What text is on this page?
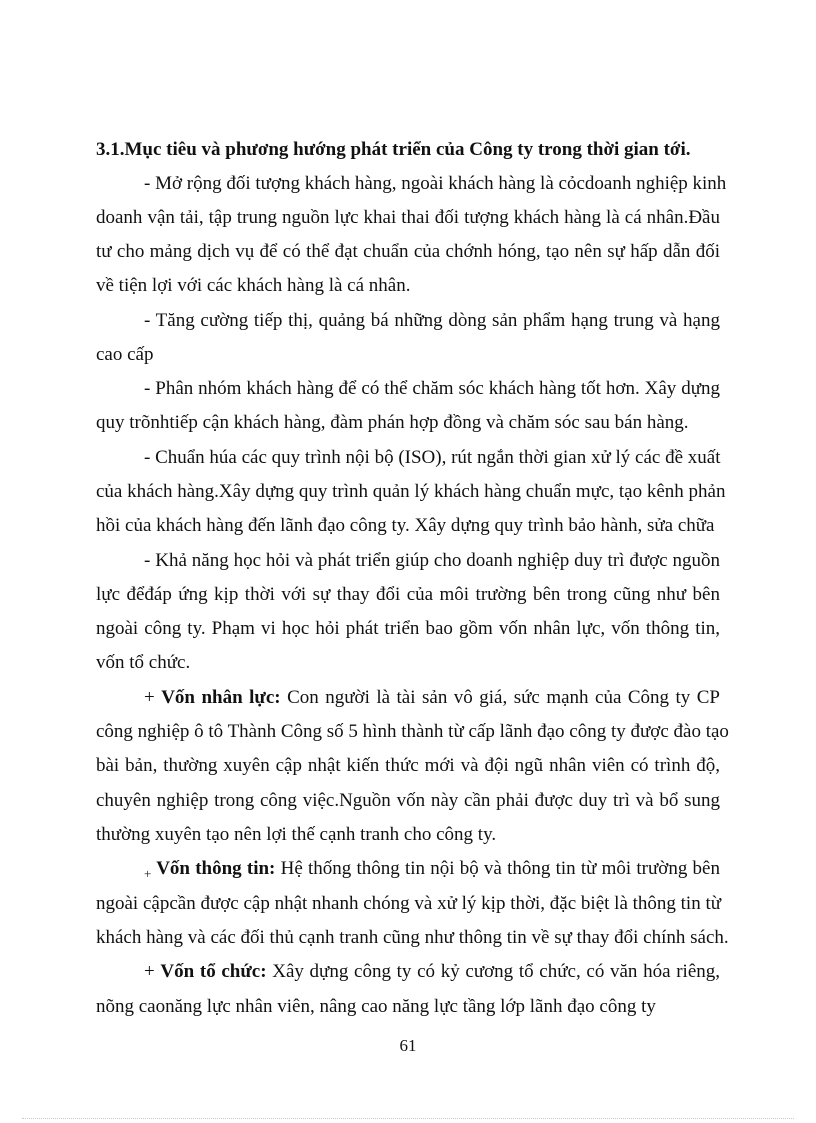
3.1.Mục tiêu và phương hướng phát triển của Công ty trong thời gian tới.
- Mở rộng đối tượng khách hàng, ngoài khách hàng là cỏcdoanh nghiệp kinh
doanh vận tải, tập trung nguồn lực khai thai đối tượng khách hàng là cá nhân.Đầu
tư cho mảng dịch vụ để có thể đạt chuẩn của chớnh hóng, tạo nên sự hấp dẫn đối
về tiện lợi với các khách hàng là cá nhân.
- Tăng cường tiếp thị, quảng bá những dòng sản phẩm hạng trung và hạng
cao cấp
- Phân nhóm khách hàng để có thể chăm sóc khách hàng tốt hơn. Xây dựng
quy trõnhtiếp cận khách hàng, đàm phán hợp đồng và chăm sóc sau bán hàng.
- Chuẩn húa các quy trình nội bộ (ISO), rút ngắn thời gian xử lý các đề xuất
của khách hàng.Xây dựng quy trình quản lý khách hàng chuẩn mực, tạo kênh phản
hồi của khách hàng đến lãnh đạo công ty. Xây dựng quy trình bảo hành, sửa chữa
- Khả năng học hỏi và phát triển giúp cho doanh nghiệp duy trì được nguồn
lực đểđáp ứng kịp thời với sự thay đổi của môi trường bên trong cũng như bên
ngoài công ty. Phạm vi học hỏi phát triển bao gồm vốn nhân lực, vốn thông tin,
vốn tổ chức.
+ Vốn nhân lực: Con người là tài sản vô giá, sức mạnh của Công ty CP
công nghiệp ô tô Thành Công số 5 hình thành từ cấp lãnh đạo công ty được đào tạo
bài bản, thường xuyên cập nhật kiến thức mới và đội ngũ nhân viên có trình độ,
chuyên nghiệp trong công việc.Nguồn vốn này cần phải được duy trì và bổ sung
thường xuyên tạo nên lợi thế cạnh tranh cho công ty.
$_+$ Vốn thông tin: Hệ thống thông tin nội bộ và thông tin từ môi trường bên
ngoài cậpcần được cập nhật nhanh chóng và xử lý kịp thời, đặc biệt là thông tin từ
khách hàng và các đối thủ cạnh tranh cũng như thông tin về sự thay đổi chính sách.
+ Vốn tổ chức: Xây dựng công ty có kỷ cương tổ chức, có văn hóa riêng,
nõng caonăng lực nhân viên, nâng cao năng lực tầng lớp lãnh đạo công ty
61
